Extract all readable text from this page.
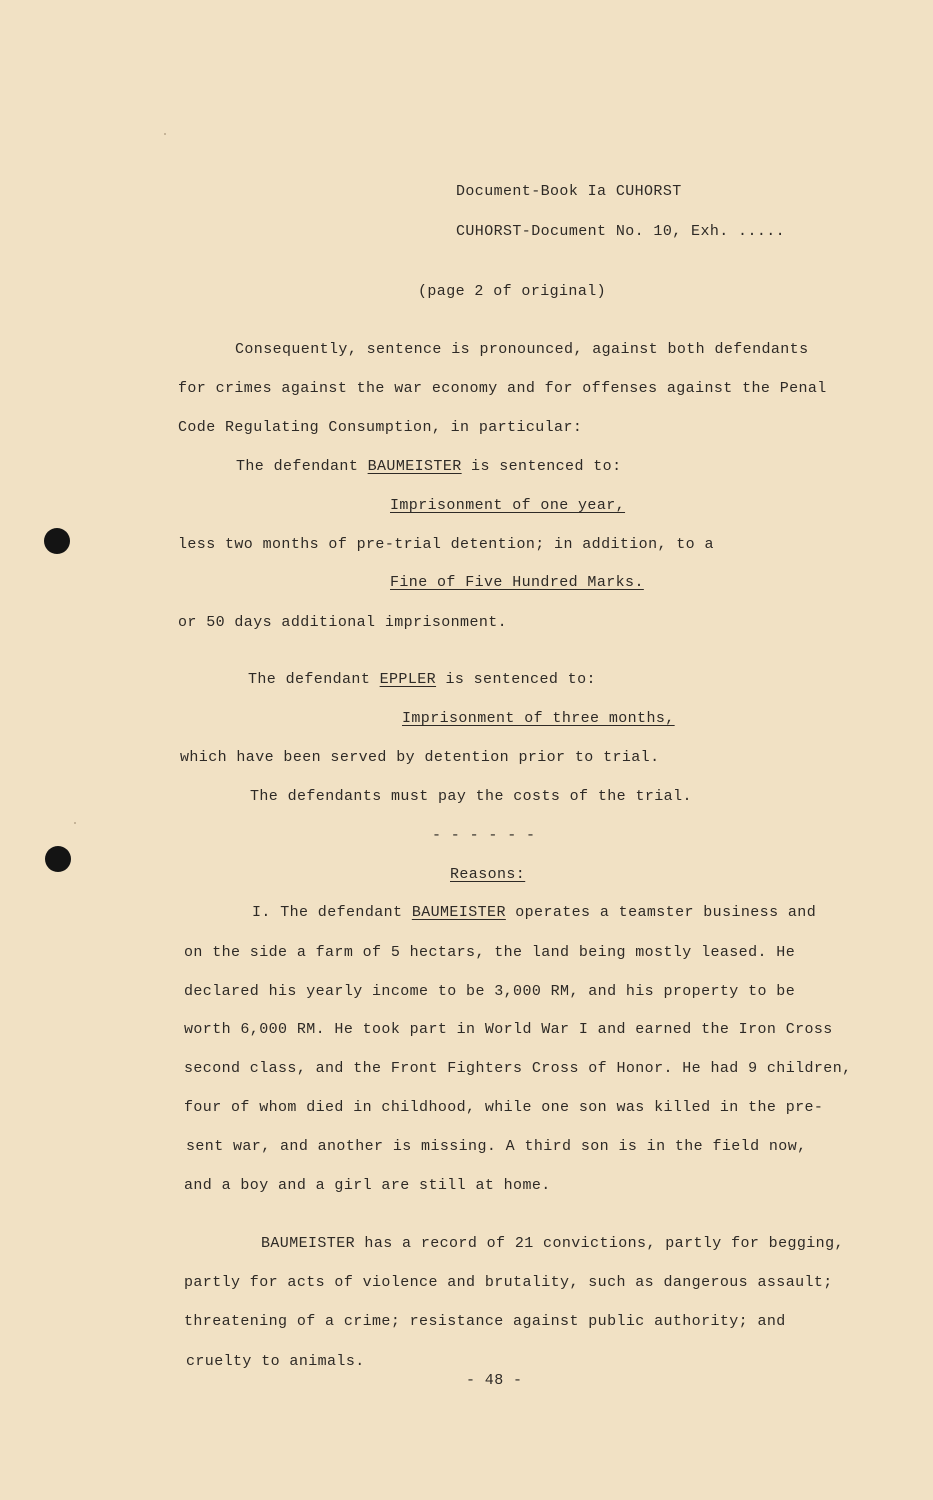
Document-Book Ia CUHORST
CUHORST-Document No. 10, Exh. .....
(page 2 of original)
Consequently, sentence is pronounced, against both defendants
for crimes against the war economy and for offenses against the Penal
Code Regulating Consumption, in particular:
The defendant BAUMEISTER is sentenced to:
Imprisonment of one year,
less two months of pre-trial detention; in addition, to a
Fine of Five Hundred Marks.
or 50 days additional imprisonment.
The defendant EPPLER is sentenced to:
Imprisonment of three months,
which have been served by detention prior to trial.
The defendants must pay the costs of the trial.
- - - - - -
Reasons:
I. The defendant BAUMEISTER operates a teamster business and
on the side a farm of 5 hectars, the land being mostly leased. He
declared his yearly income to be 3,000 RM, and his property to be
worth 6,000 RM. He took part in World War I and earned the Iron Cross
second class, and the Front Fighters Cross of Honor. He had 9 children,
four of whom died in childhood, while one son was killed in the pre-
sent war, and another is missing. A third son is in the field now,
and a boy and a girl are still at home.
BAUMEISTER has a record of 21 convictions, partly for begging,
partly for acts of violence and brutality, such as dangerous assault;
threatening of a crime; resistance against public authority; and
cruelty to animals.
- 48 -
